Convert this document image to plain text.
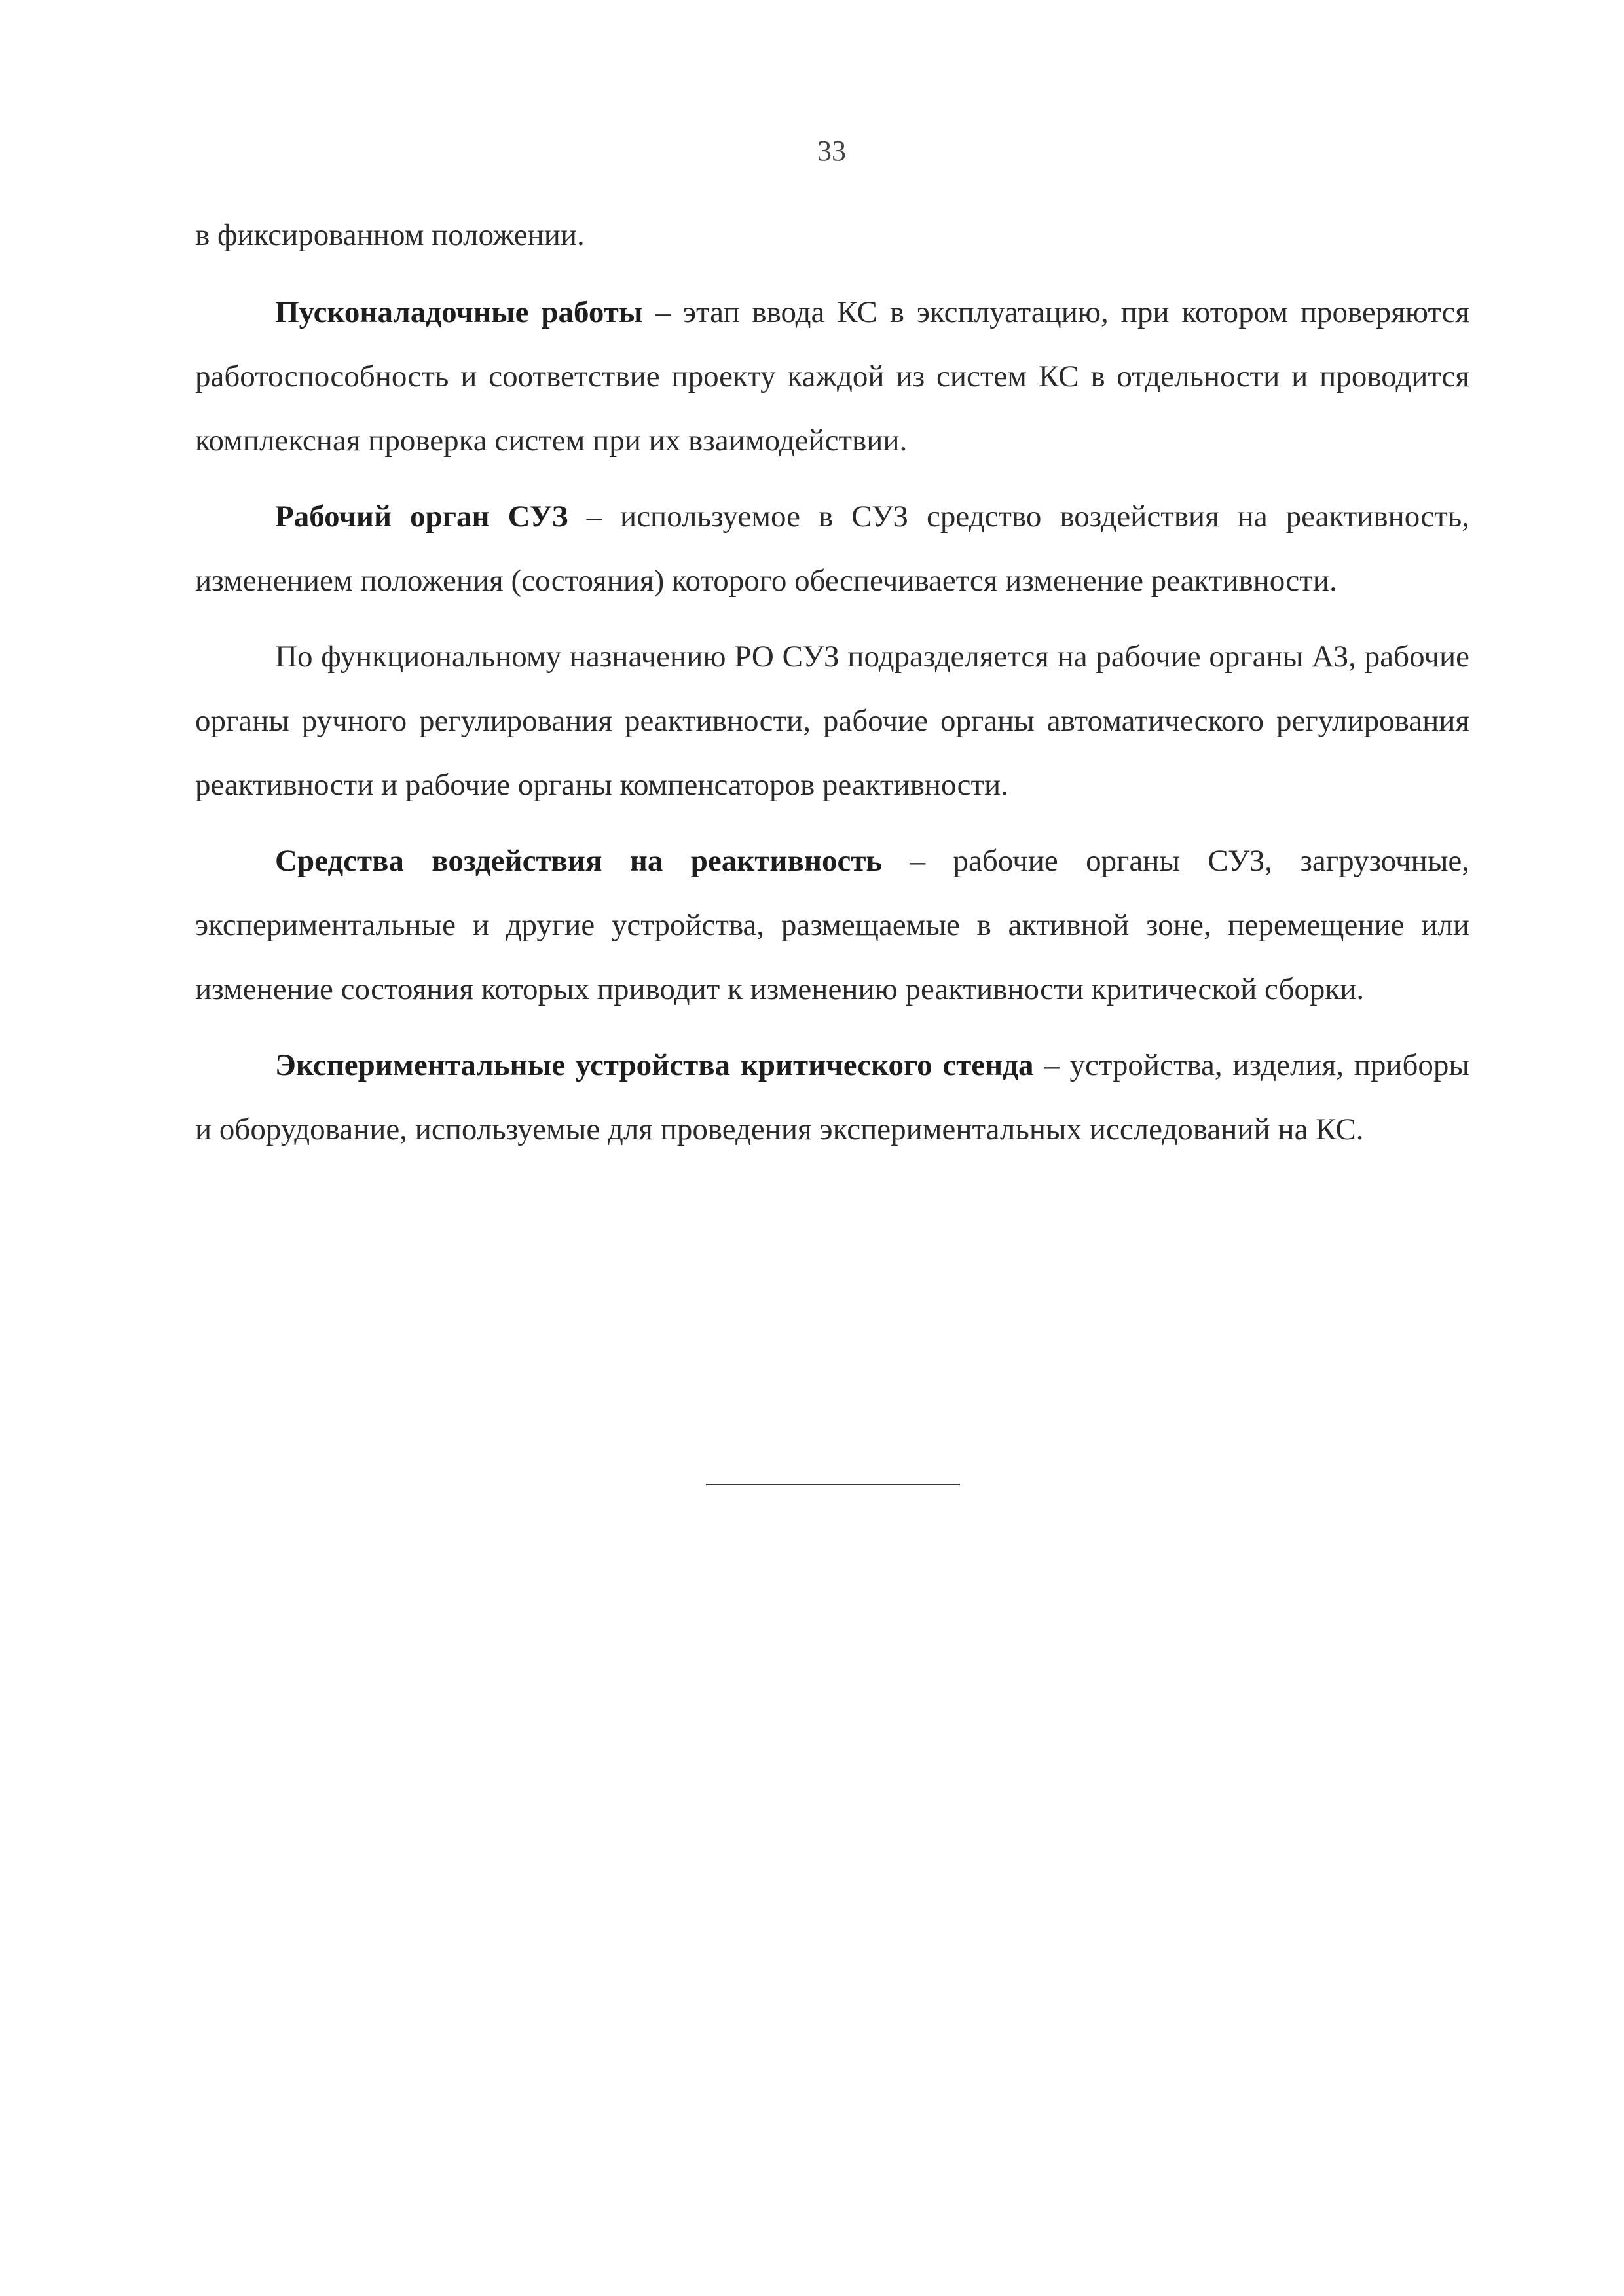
33

в фиксированном положении.

Пусконаладочные работы – этап ввода КС в эксплуатацию, при котором проверяются работоспособность и соответствие проекту каждой из систем КС в отдельности и проводится комплексная проверка систем при их взаимодействии.

Рабочий орган СУЗ – используемое в СУЗ средство воздействия на реактивность, изменением положения (состояния) которого обеспечивается изменение реактивности.

По функциональному назначению РО СУЗ подразделяется на рабочие органы АЗ, рабочие органы ручного регулирования реактивности, рабочие органы автоматического регулирования реактивности и рабочие органы компенсаторов реактивности.

Средства воздействия на реактивность – рабочие органы СУЗ, загрузочные, экспериментальные и другие устройства, размещаемые в активной зоне, перемещение или изменение состояния которых приводит к изменению реактивности критической сборки.

Экспериментальные устройства критического стенда – устройства, изделия, приборы и оборудование, используемые для проведения экспериментальных исследований на КС.
